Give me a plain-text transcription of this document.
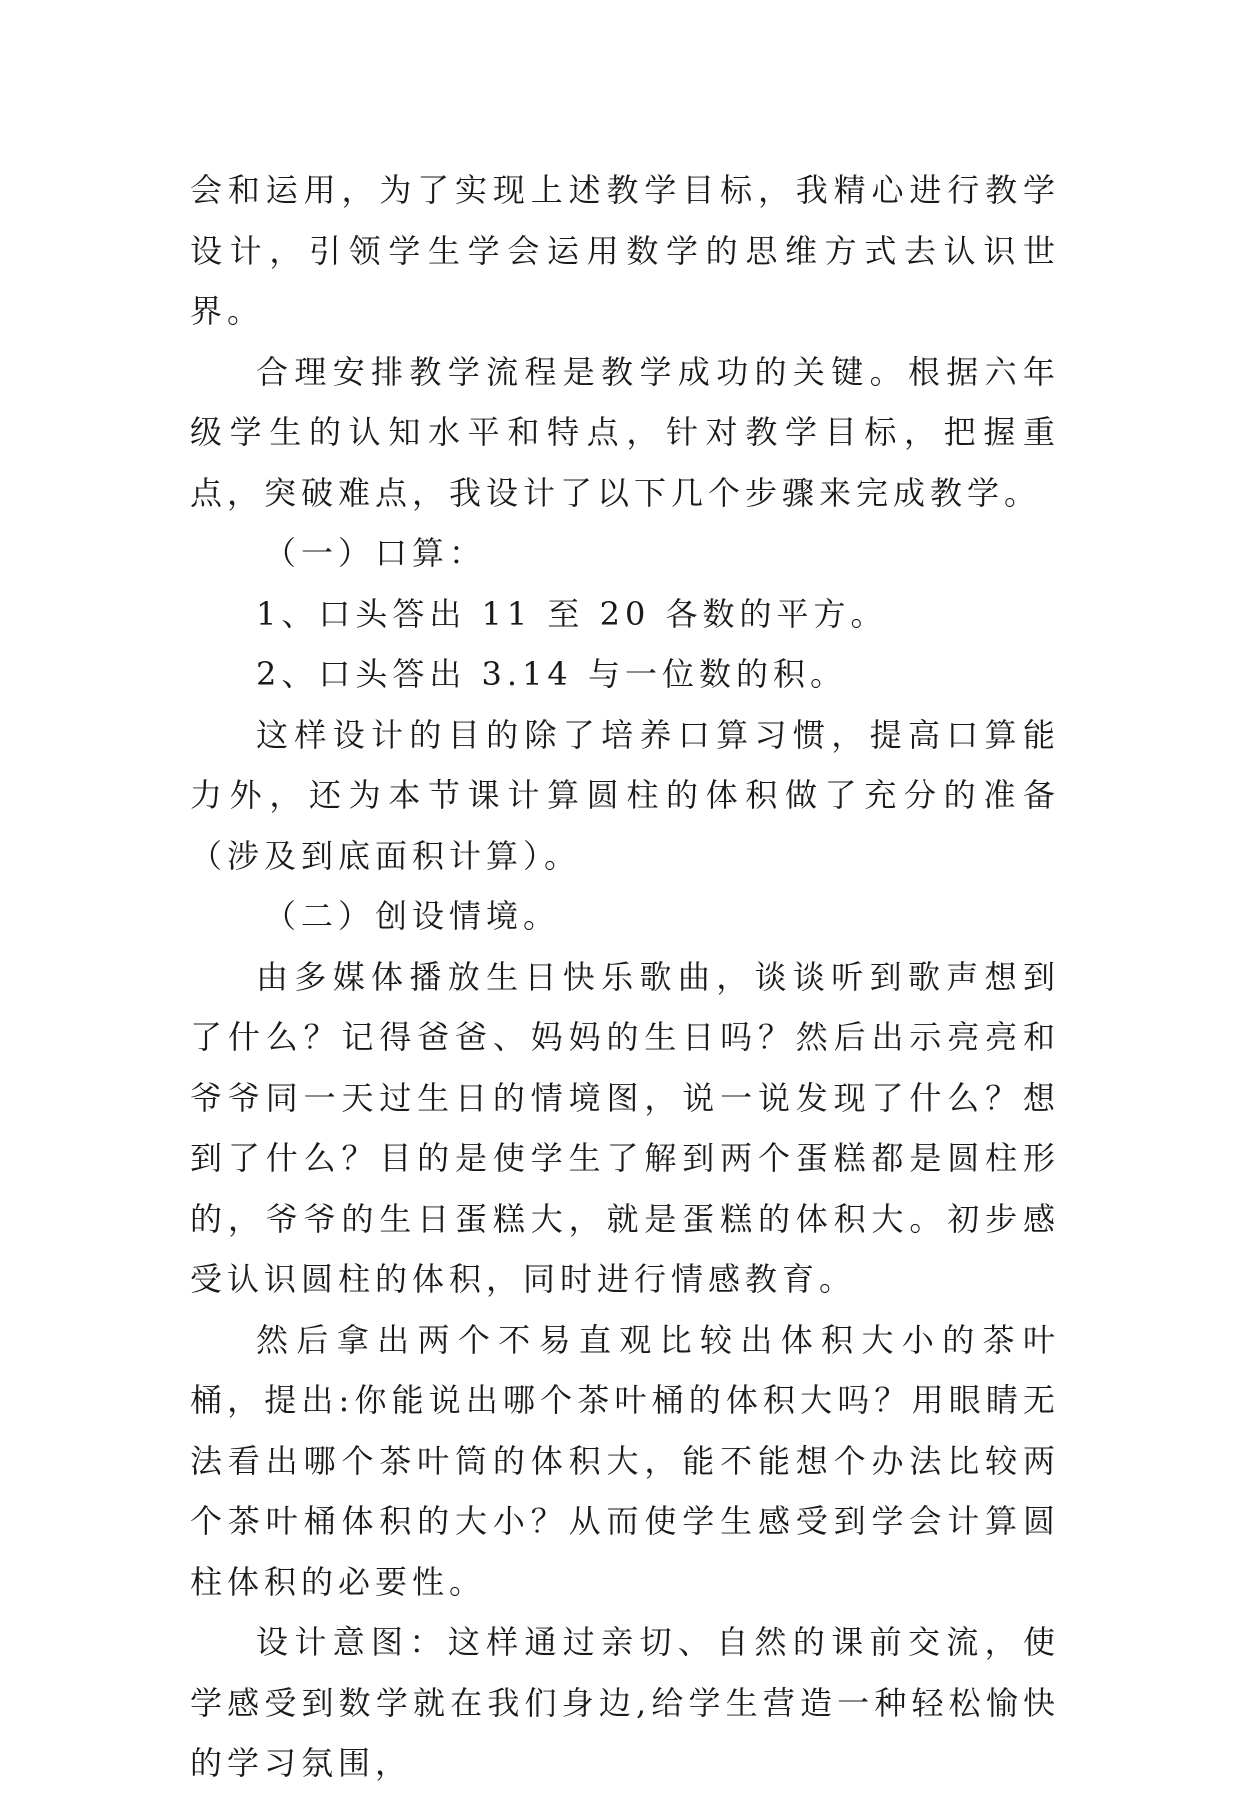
会和运用，为了实现上述教学目标，我精心进行教学设计，引领学生学会运用数学的思维方式去认识世界。

合理安排教学流程是教学成功的关键。根据六年级学生的认知水平和特点，针对教学目标，把握重点，突破难点，我设计了以下几个步骤来完成教学。

（一）口算：

1、口头答出 11 至 20 各数的平方。

2、口头答出 3.14 与一位数的积。

这样设计的目的除了培养口算习惯，提高口算能力外，还为本节课计算圆柱的体积做了充分的准备（涉及到底面积计算）。

（二）创设情境。

由多媒体播放生日快乐歌曲，谈谈听到歌声想到了什么？记得爸爸、妈妈的生日吗？然后出示亮亮和爷爷同一天过生日的情境图，说一说发现了什么？想到了什么？目的是使学生了解到两个蛋糕都是圆柱形的，爷爷的生日蛋糕大，就是蛋糕的体积大。初步感受认识圆柱的体积，同时进行情感教育。

然后拿出两个不易直观比较出体积大小的茶叶桶，提出:你能说出哪个茶叶桶的体积大吗？用眼睛无法看出哪个茶叶筒的体积大，能不能想个办法比较两个茶叶桶体积的大小？从而使学生感受到学会计算圆柱体积的必要性。

设计意图：这样通过亲切、自然的课前交流，使学感受到数学就在我们身边,给学生营造一种轻松愉快的学习氛围，
